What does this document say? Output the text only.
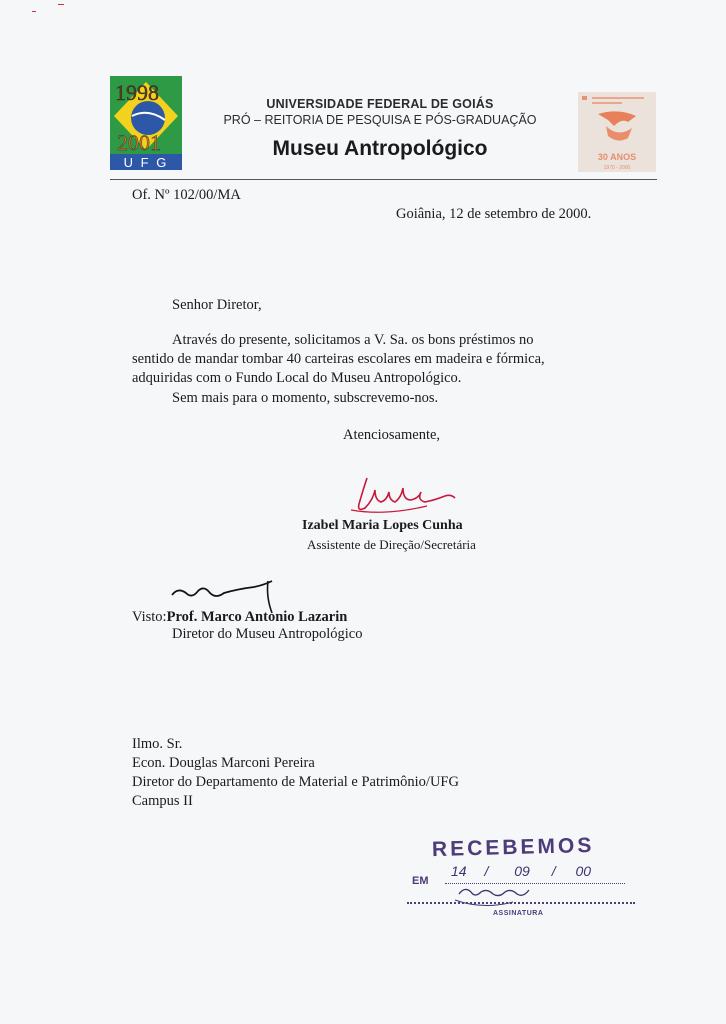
1998
2001
U F G
UNIVERSIDADE FEDERAL DE GOIÁS
PRÓ – REITORIA DE PESQUISA E PÓS-GRADUAÇÃO
Museu Antropológico	30 ANOS
1970 - 2000
Of. Nº 102/00/MA
Goiânia, 12 de setembro de 2000.
Senhor Diretor,
Através do presente, solicitamos a V. Sa. os bons préstimos no
sentido de mandar tombar 40 carteiras escolares em madeira e fórmica,
adquiridas com o Fundo Local do Museu Antropológico.
Sem mais para o momento, subscrevemo-nos.
Atenciosamente,
Izabel Maria Lopes Cunha
Assistente de Direção/Secretária
Visto:Prof. Marco Antonio Lazarin
Diretor do Museu Antropológico
Ilmo. Sr.
Econ. Douglas Marconi Pereira
Diretor do Departamento de Material e Patrimônio/UFG
Campus II
RECEBEMOS
EM
14 / 09 / 00
ASSINATURA
